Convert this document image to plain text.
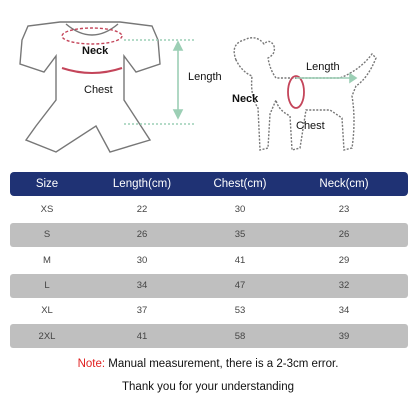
Neck
Chest
Length
Length
Neck
Chest
Size	Length(cm)	Chest(cm)	Neck(cm)
XS	22	30	23
S	26	35	26
M	30	41	29
L	34	47	32
XL	37	53	34
2XL	41	58	39
Note: Manual measurement, there is a 2-3cm error.
Thank you for your understanding
